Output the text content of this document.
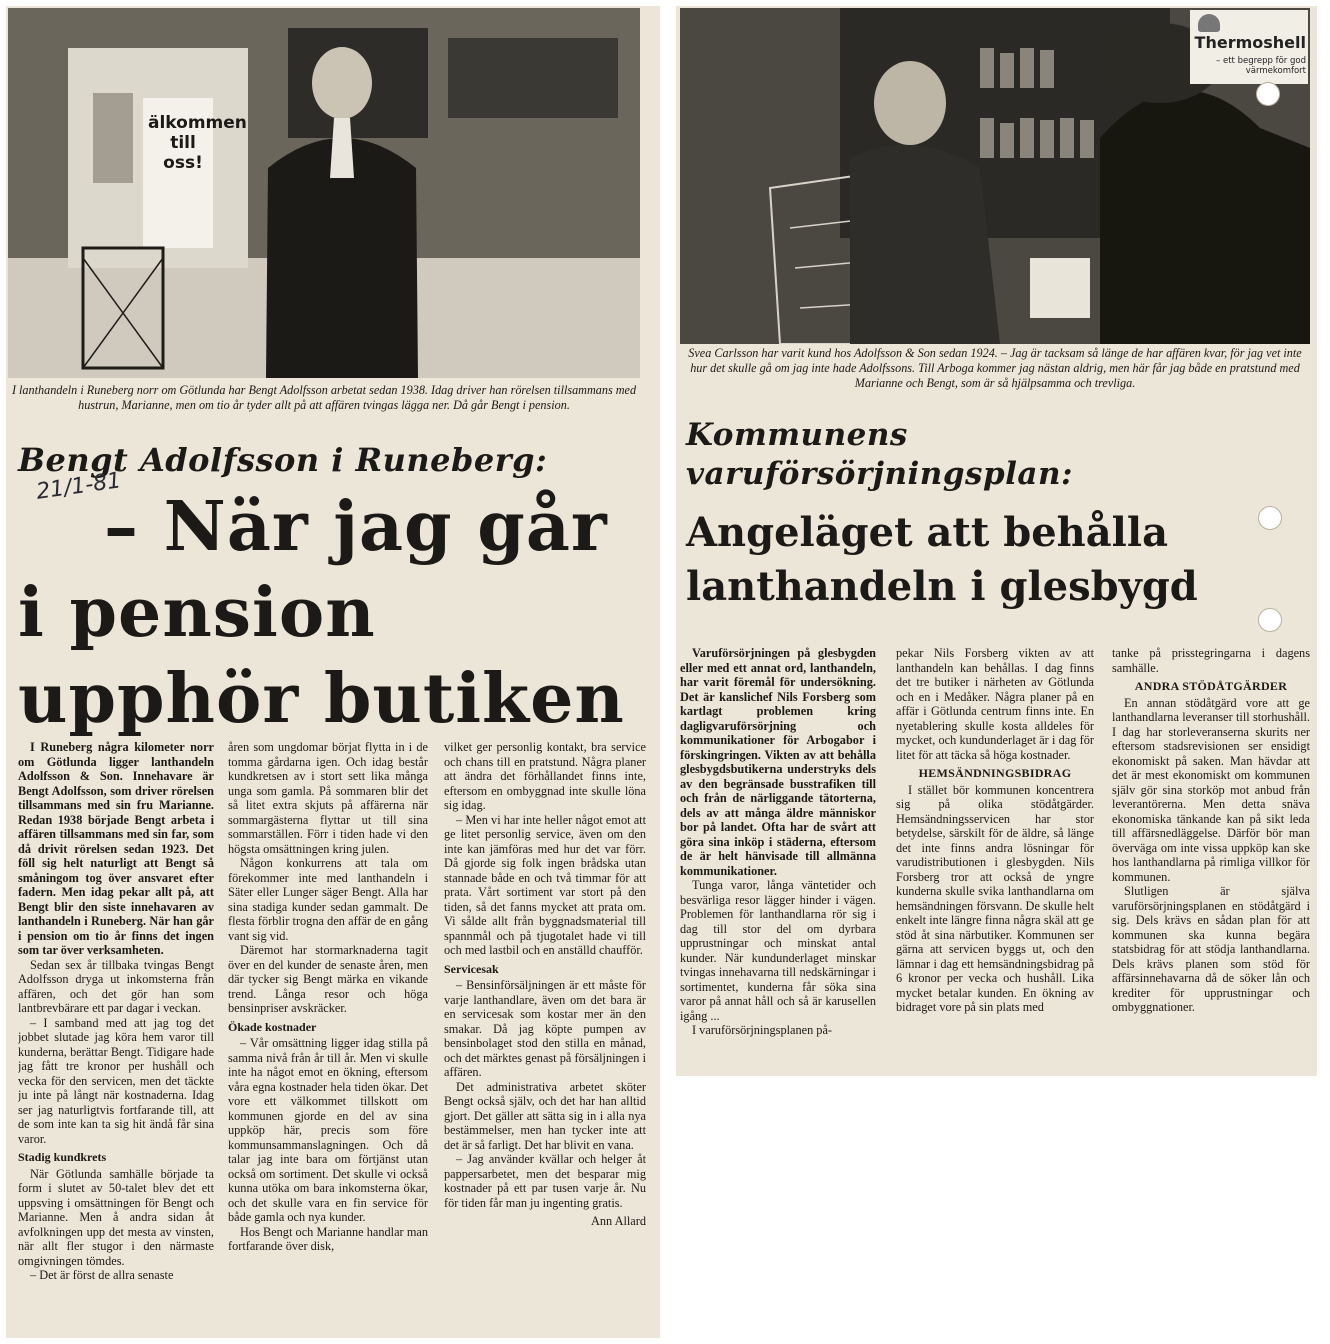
älkommen
till oss!

I lanthandeln i Runeberg norr om Götlunda har Bengt Adolfsson arbetat sedan 1938. Idag driver han rörelsen tillsammans med hustrun, Marianne, men om tio år tyder allt på att affären tvingas lägga ner. Då går Bengt i pension.

Bengt Adolfsson i Runeberg:
21/1-81
– När jag går
i pension
upphör butiken

I Runeberg några kilometer norr om Götlunda ligger lanthandeln Adolfsson & Son. Innehavare är Bengt Adolfsson, som driver rörelsen tillsammans med sin fru Marianne. Redan 1938 började Bengt arbeta i affären tillsammans med sin far, som då drivit rörelsen sedan 1923. Det föll sig helt naturligt att Bengt så småningom tog över ansvaret efter fadern. Men idag pekar allt på, att Bengt blir den siste innehavaren av lanthandeln i Runeberg. När han går i pension om tio år finns det ingen som tar över verksamheten.

Sedan sex år tillbaka tvingas Bengt Adolfsson dryga ut inkomsterna från affären, och det gör han som lantbrevbärare ett par dagar i veckan.

– I samband med att jag tog det jobbet slutade jag köra hem varor till kunderna, berättar Bengt. Tidigare hade jag fått tre kronor per hushåll och vecka för den servicen, men det täckte ju inte på långt när kostnaderna. Idag ser jag naturligtvis fortfarande till, att de som inte kan ta sig hit ändå får sina varor.

Stadig kundkrets

När Götlunda samhälle började ta form i slutet av 50-talet blev det ett uppsving i omsättningen för Bengt och Marianne. Men å andra sidan åt avfolkningen upp det mesta av vinsten, när allt fler stugor i den närmaste omgivningen tömdes.

– Det är först de allra senaste

åren som ungdomar börjat flytta in i de tomma gårdarna igen. Och idag består kundkretsen av i stort sett lika många unga som gamla. På sommaren blir det så litet extra skjuts på affärerna när sommargästerna flyttar ut till sina sommarställen. Förr i tiden hade vi den högsta omsättningen kring julen.

Någon konkurrens att tala om förekommer inte med lanthandeln i Säter eller Lunger säger Bengt. Alla har sina stadiga kunder sedan gammalt. De flesta förblir trogna den affär de en gång vant sig vid.

Däremot har stormarknaderna tagit över en del kunder de senaste åren, men där tycker sig Bengt märka en vikande trend. Långa resor och höga bensinpriser avskräcker.

Ökade kostnader

– Vår omsättning ligger idag stilla på samma nivå från år till år. Men vi skulle inte ha något emot en ökning, eftersom våra egna kostnader hela tiden ökar. Det vore ett välkommet tillskott om kommunen gjorde en del av sina uppköp här, precis som före kommunsammanslagningen. Och då talar jag inte bara om förtjänst utan också om sortiment. Det skulle vi också kunna utöka om bara inkomsterna ökar, och det skulle vara en fin service för både gamla och nya kunder.

Hos Bengt och Marianne handlar man fortfarande över disk,

vilket ger personlig kontakt, bra service och chans till en pratstund. Några planer att ändra det förhållandet finns inte, eftersom en ombyggnad inte skulle löna sig idag.

– Men vi har inte heller något emot att ge litet personlig service, även om den inte kan jämföras med hur det var förr. Då gjorde sig folk ingen brådska utan stannade både en och två timmar för att prata. Vårt sortiment var stort på den tiden, så det fanns mycket att prata om. Vi sålde allt från byggnadsmaterial till spannmål och på tjugotalet hade vi till och med lastbil och en anställd chaufför.

Servicesak

– Bensinförsäljningen är ett måste för varje lanthandlare, även om det bara är en servicesak som kostar mer än den smakar. Då jag köpte pumpen av bensinbolaget stod den stilla en månad, och det märktes genast på försäljningen i affären.

Det administrativa arbetet sköter Bengt också själv, och det har han alltid gjort. Det gäller att sätta sig in i alla nya bestämmelser, men han tycker inte att det är så farligt. Det har blivit en vana.

– Jag använder kvällar och helger åt pappersarbetet, men det besparar mig kostnader på ett par tusen varje år. Nu för tiden får man ju ingenting gratis.

Ann Allard
Thermoshell
– ett begrepp för god värmekomfort

Svea Carlsson har varit kund hos Adolfsson & Son sedan 1924. – Jag är tacksam så länge de har affären kvar, för jag vet inte hur det skulle gå om jag inte hade Adolfssons. Till Arboga kommer jag nästan aldrig, men här får jag både en pratstund med Marianne och Bengt, som är så hjälpsamma och trevliga.

Kommunens
varuförsörjningsplan:
Angeläget att behålla
lanthandeln i glesbygd

Varuförsörjningen på glesbygden eller med ett annat ord, lanthandeln, har varit föremål för undersökning. Det är kanslichef Nils Forsberg som kartlagt problemen kring dagligvaruförsörjning och kommunikationer för Arbogabor i förskingringen. Vikten av att behålla glesbygdsbutikerna understryks dels av den begränsade busstrafiken till och från de närliggande tätorterna, dels av att många äldre människor bor på landet. Ofta har de svårt att göra sina inköp i städerna, eftersom de är helt hänvisade till allmänna kommunikationer.

Tunga varor, långa väntetider och besvärliga resor lägger hinder i vägen. Problemen för lanthandlarna rör sig i dag till stor del om dyrbara upprustningar och minskat antal kunder. När kundunderlaget minskar tvingas innehavarna till nedskärningar i sortimentet, kunderna får söka sina varor på annat håll och så är karusellen igång ...

I varuförsörjningsplanen på-

pekar Nils Forsberg vikten av att lanthandeln kan behållas. I dag finns det tre butiker i närheten av Götlunda och en i Medåker. Några planer på en affär i Götlunda centrum finns inte. En nyetablering skulle kosta alldeles för mycket, och kundunderlaget är i dag för litet för att täcka så höga kostnader.

HEMSÄNDNINGSBIDRAG

I stället bör kommunen koncentrera sig på olika stödåtgärder. Hemsändningsservicen har stor betydelse, särskilt för de äldre, så länge det inte finns andra lösningar för varudistributionen i glesbygden. Nils Forsberg tror att också de yngre kunderna skulle svika lanthandlarna om hemsändningen försvann. De skulle helt enkelt inte längre finna några skäl att ge stöd åt sina närbutiker. Kommunen ser gärna att servicen byggs ut, och den lämnar i dag ett hemsändningsbidrag på 6 kronor per vecka och hushåll. Lika mycket betalar kunden. En ökning av bidraget vore på sin plats med

tanke på prisstegringarna i dagens samhälle.

ANDRA STÖDÅTGÄRDER

En annan stödåtgärd vore att ge lanthandlarna leveranser till storhushåll. I dag har storleveranserna skurits ner eftersom stadsrevisionen ser ensidigt ekonomiskt på saken. Man hävdar att det är mest ekonomiskt om kommunen själv gör sina storköp mot anbud från leverantörerna. Men detta snäva ekonomiska tänkande kan på sikt leda till affärsnedläggelse. Därför bör man överväga om inte vissa uppköp kan ske hos lanthandlarna på rimliga villkor för kommunen.

Slutligen är själva varuförsörjningsplanen en stödåtgärd i sig. Dels krävs en sådan plan för att kommunen ska kunna begära statsbidrag för att stödja lanthandlarna. Dels krävs planen som stöd för affärsinnehavarna då de söker lån och krediter för upprustningar och ombyggnationer.
